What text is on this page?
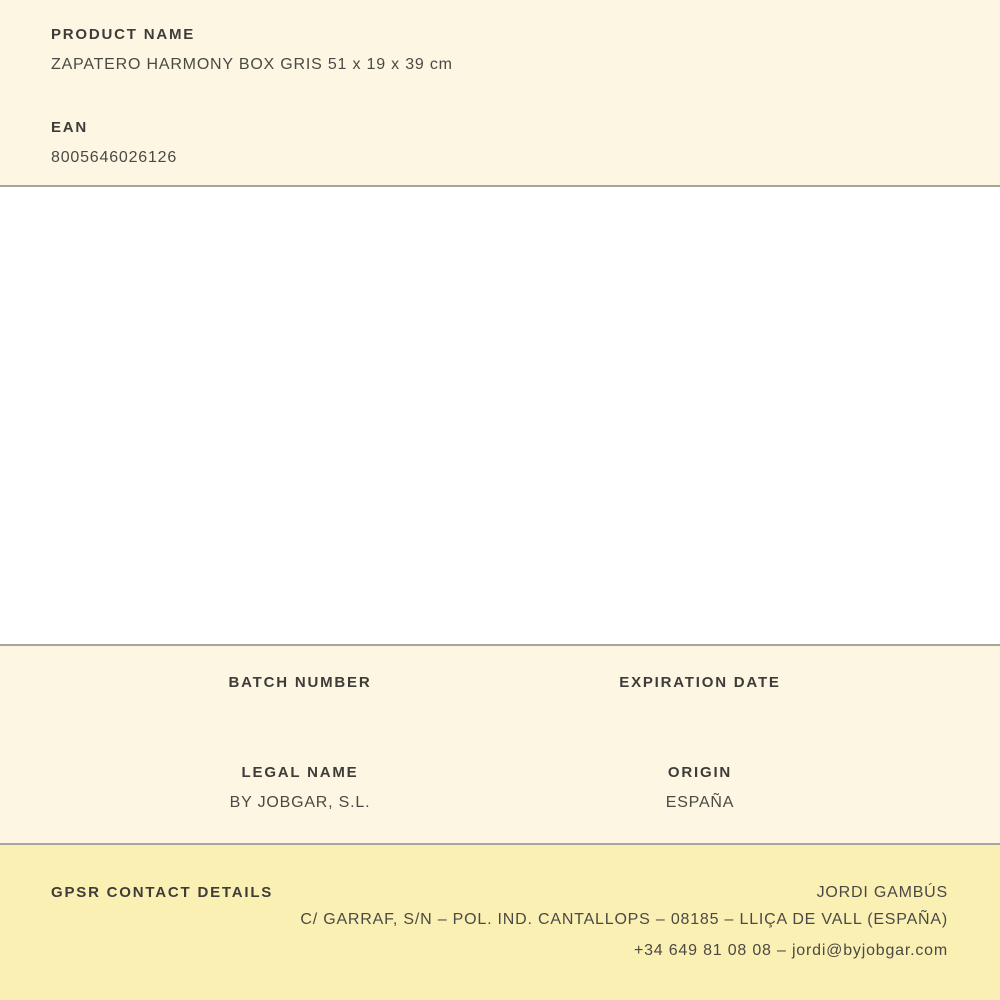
PRODUCT NAME
ZAPATERO HARMONY BOX GRIS 51 x 19 x 39 cm
EAN
8005646026126
BATCH NUMBER	EXPIRATION DATE
LEGAL NAME
BY JOBGAR, S.L.
ORIGIN
ESPAÑA
GPSR CONTACT DETAILS	JORDI GAMBÚS
C/ GARRAF, S/N – POL. IND. CANTALLOPS – 08185 – LLIÇA DE VALL (ESPAÑA)
+34 649 81 08 08 – jordi@byjobgar.com
